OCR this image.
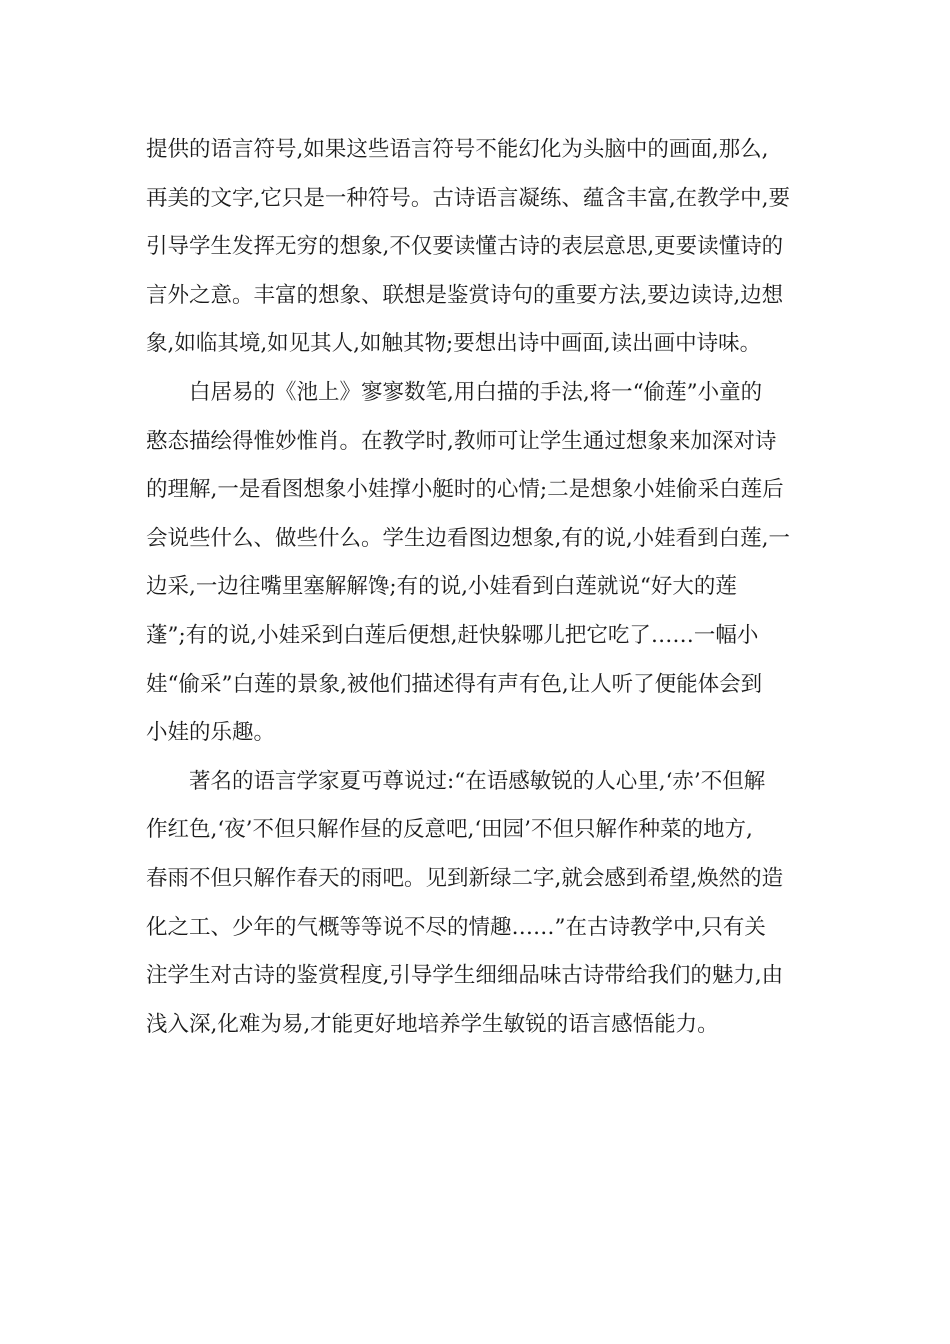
提供的语言符号,如果这些语言符号不能幻化为头脑中的画面,那么,
再美的文字,它只是一种符号。古诗语言凝练、蕴含丰富,在教学中,要
引导学生发挥无穷的想象,不仅要读懂古诗的表层意思,更要读懂诗的
言外之意。丰富的想象、联想是鉴赏诗句的重要方法,要边读诗,边想
象,如临其境,如见其人,如触其物;要想出诗中画面,读出画中诗味。

　　白居易的《池上》寥寥数笔,用白描的手法,将一“偷莲”小童的
憨态描绘得惟妙惟肖。在教学时,教师可让学生通过想象来加深对诗
的理解,一是看图想象小娃撑小艇时的心情;二是想象小娃偷采白莲后
会说些什么、做些什么。学生边看图边想象,有的说,小娃看到白莲,一
边采,一边往嘴里塞解解馋;有的说,小娃看到白莲就说“好大的莲
蓬”;有的说,小娃采到白莲后便想,赶快躲哪儿把它吃了……一幅小
娃“偷采”白莲的景象,被他们描述得有声有色,让人听了便能体会到
小娃的乐趣。

　　著名的语言学家夏丏尊说过:“在语感敏锐的人心里,‘赤’不但解
作红色,‘夜’不但只解作昼的反意吧,‘田园’不但只解作种菜的地方,
春雨不但只解作春天的雨吧。见到新绿二字,就会感到希望,焕然的造
化之工、少年的气概等等说不尽的情趣……”在古诗教学中,只有关
注学生对古诗的鉴赏程度,引导学生细细品味古诗带给我们的魅力,由
浅入深,化难为易,才能更好地培养学生敏锐的语言感悟能力。
